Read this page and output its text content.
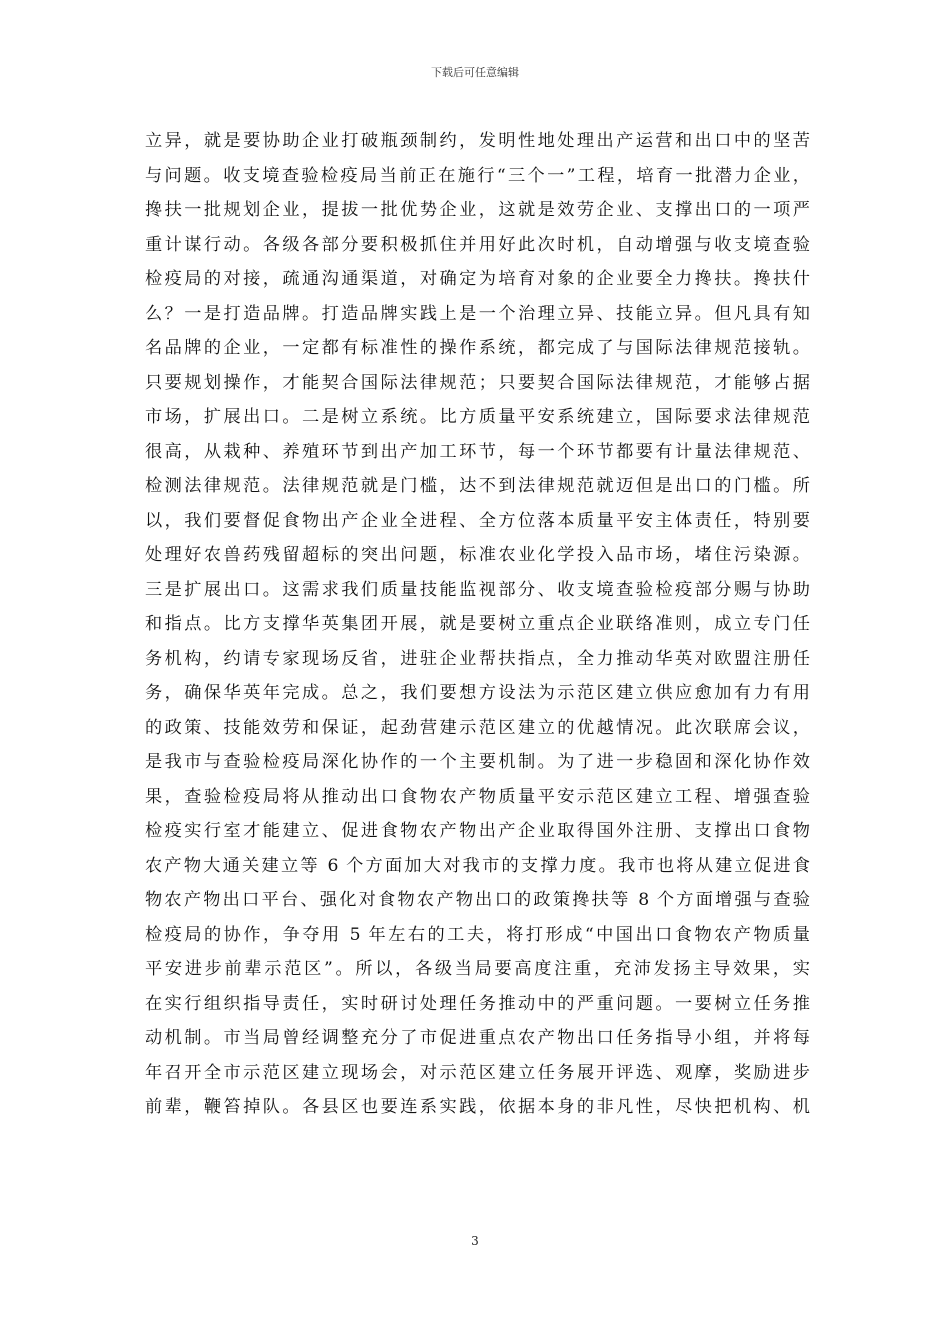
下载后可任意编辑
立异，就是要协助企业打破瓶颈制约，发明性地处理出产运营和出口中的坚苦
与问题。收支境查验检疫局当前正在施行“三个一”工程，培育一批潜力企业，
搀扶一批规划企业，提拔一批优势企业，这就是效劳企业、支撑出口的一项严
重计谋行动。各级各部分要积极抓住并用好此次时机，自动增强与收支境查验
检疫局的对接，疏通沟通渠道，对确定为培育对象的企业要全力搀扶。搀扶什
么？一是打造品牌。打造品牌实践上是一个治理立异、技能立异。但凡具有知
名品牌的企业，一定都有标准性的操作系统，都完成了与国际法律规范接轨。
只要规划操作，才能契合国际法律规范；只要契合国际法律规范，才能够占据
市场，扩展出口。二是树立系统。比方质量平安系统建立，国际要求法律规范
很高，从栽种、养殖环节到出产加工环节，每一个环节都要有计量法律规范、
检测法律规范。法律规范就是门槛，达不到法律规范就迈但是出口的门槛。所
以，我们要督促食物出产企业全进程、全方位落本质量平安主体责任，特别要
处理好农兽药残留超标的突出问题，标准农业化学投入品市场，堵住污染源。
三是扩展出口。这需求我们质量技能监视部分、收支境查验检疫部分赐与协助
和指点。比方支撑华英集团开展，就是要树立重点企业联络准则，成立专门任
务机构，约请专家现场反省，进驻企业帮扶指点，全力推动华英对欧盟注册任
务，确保华英年完成。总之，我们要想方设法为示范区建立供应愈加有力有用
的政策、技能效劳和保证，起劲营建示范区建立的优越情况。此次联席会议，
是我市与查验检疫局深化协作的一个主要机制。为了进一步稳固和深化协作效
果，查验检疫局将从推动出口食物农产物质量平安示范区建立工程、增强查验
检疫实行室才能建立、促进食物农产物出产企业取得国外注册、支撑出口食物
农产物大通关建立等 6 个方面加大对我市的支撑力度。我市也将从建立促进食
物农产物出口平台、强化对食物农产物出口的政策搀扶等 8 个方面增强与查验
检疫局的协作，争夺用 5 年左右的工夫，将打形成“中国出口食物农产物质量
平安进步前辈示范区”。所以，各级当局要高度注重，充沛发扬主导效果，实
在实行组织指导责任，实时研讨处理任务推动中的严重问题。一要树立任务推
动机制。市当局曾经调整充分了市促进重点农产物出口任务指导小组，并将每
年召开全市示范区建立现场会，对示范区建立任务展开评选、观摩，奖励进步
前辈，鞭笞掉队。各县区也要连系实践，依据本身的非凡性，尽快把机构、机
3
